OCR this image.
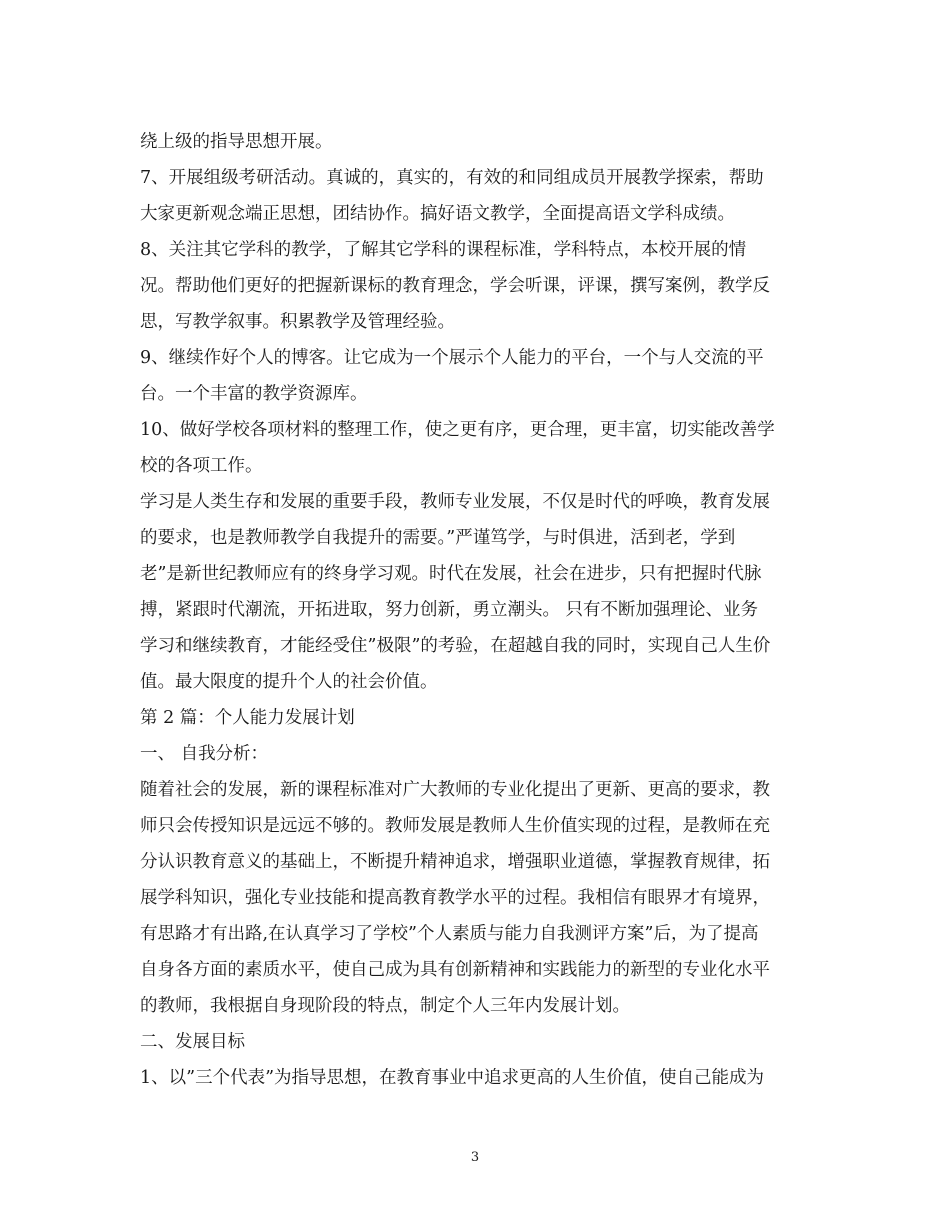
绕上级的指导思想开展。
7、开展组级考研活动。真诚的，真实的，有效的和同组成员开展教学探索，帮助
大家更新观念端正思想，团结协作。搞好语文教学，全面提高语文学科成绩。
8、关注其它学科的教学，了解其它学科的课程标准，学科特点，本校开展的情
况。帮助他们更好的把握新课标的教育理念，学会听课，评课，撰写案例，教学反
思，写教学叙事。积累教学及管理经验。
9、继续作好个人的博客。让它成为一个展示个人能力的平台，一个与人交流的平
台。一个丰富的教学资源库。
10、做好学校各项材料的整理工作，使之更有序，更合理，更丰富，切实能改善学
校的各项工作。
学习是人类生存和发展的重要手段，教师专业发展，不仅是时代的呼唤，教育发展
的要求，也是教师教学自我提升的需要。”严谨笃学，与时俱进，活到老，学到
老”是新世纪教师应有的终身学习观。时代在发展，社会在进步，只有把握时代脉
搏，紧跟时代潮流，开拓进取，努力创新，勇立潮头。 只有不断加强理论、业务
学习和继续教育，才能经受住”极限”的考验，在超越自我的同时，实现自己人生价
值。最大限度的提升个人的社会价值。
第 2 篇：个人能力发展计划
一、 自我分析：
随着社会的发展，新的课程标准对广大教师的专业化提出了更新、更高的要求，教
师只会传授知识是远远不够的。教师发展是教师人生价值实现的过程，是教师在充
分认识教育意义的基础上，不断提升精神追求，增强职业道德，掌握教育规律，拓
展学科知识，强化专业技能和提高教育教学水平的过程。我相信有眼界才有境界，
有思路才有出路,在认真学习了学校”个人素质与能力自我测评方案”后，为了提高
自身各方面的素质水平，使自己成为具有创新精神和实践能力的新型的专业化水平
的教师，我根据自身现阶段的特点，制定个人三年内发展计划。
二、发展目标
1、以”三个代表”为指导思想，在教育事业中追求更高的人生价值，使自己能成为
3
